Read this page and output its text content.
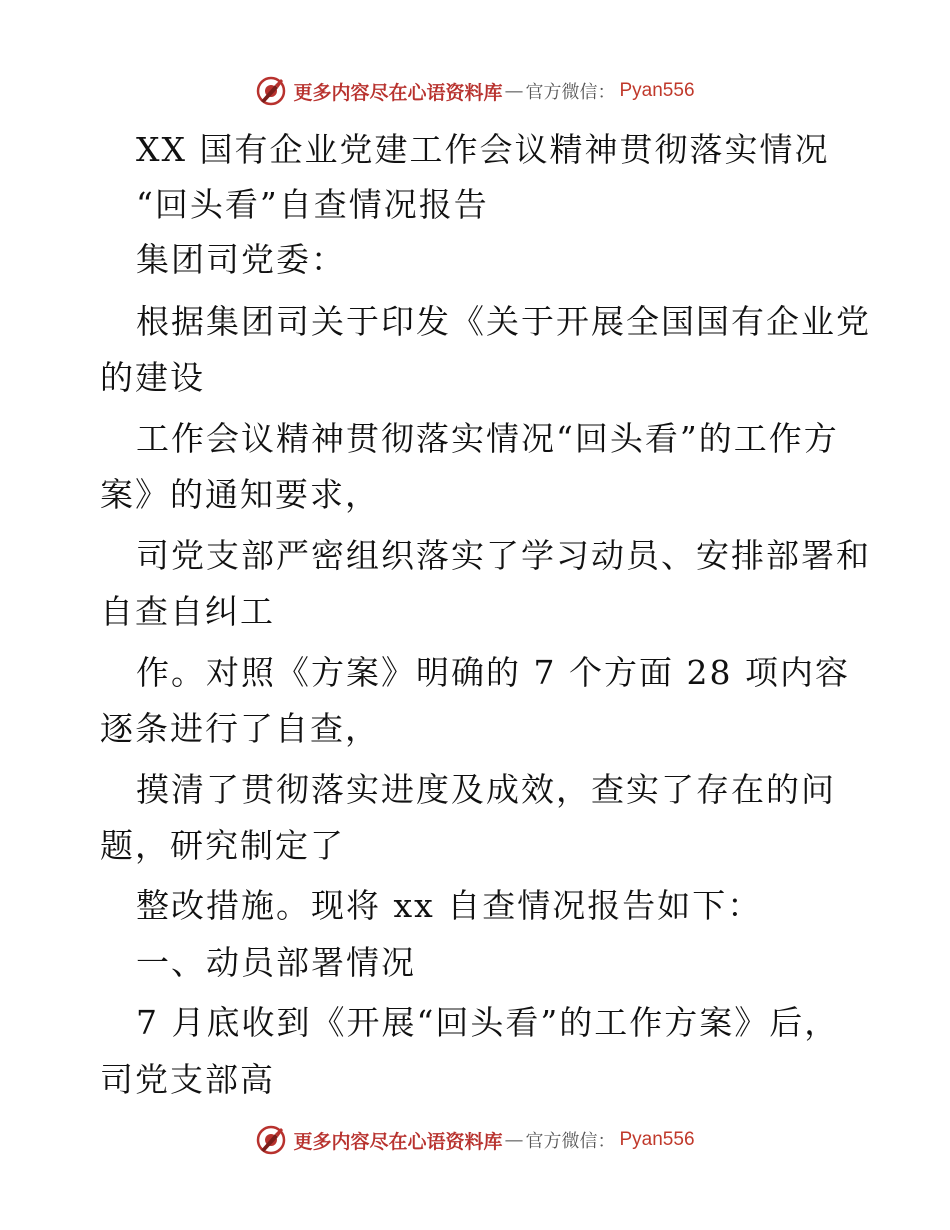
更多内容尽在心语资料库 — 官方微信： Pyan556
XX 国有企业党建工作会议精神贯彻落实情况
“回头看”自查情况报告
集团司党委：
根据集团司关于印发《关于开展全国国有企业党
的建设
工作会议精神贯彻落实情况“回头看”的工作方
案》的通知要求，
司党支部严密组织落实了学习动员、安排部署和
自查自纠工
作。对照《方案》明确的 7 个方面 28 项内容
逐条进行了自查，
摸清了贯彻落实进度及成效，查实了存在的问
题，研究制定了
整改措施。现将 xx 自查情况报告如下：
一、动员部署情况
7 月底收到《开展“回头看”的工作方案》后，
司党支部高
更多内容尽在心语资料库 — 官方微信： Pyan556
